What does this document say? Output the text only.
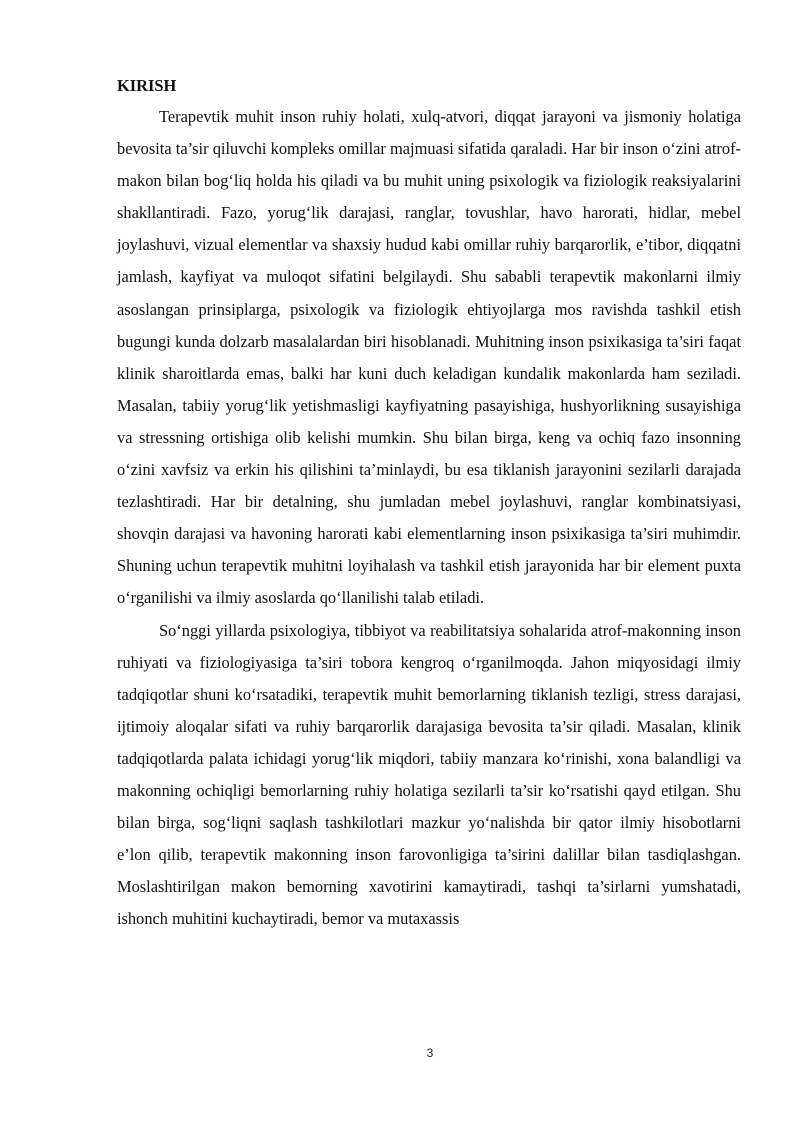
KIRISH

Terapevtik muhit inson ruhiy holati, xulq-atvori, diqqat jarayoni va jismoniy holatiga bevosita ta’sir qiluvchi kompleks omillar majmuasi sifatida qaraladi. Har bir inson o‘zini atrof-makon bilan bog‘liq holda his qiladi va bu muhit uning psixologik va fiziologik reaksiyalarini shakllantiradi. Fazo, yorug‘lik darajasi, ranglar, tovushlar, havo harorati, hidlar, mebel joylashuvi, vizual elementlar va shaxsiy hudud kabi omillar ruhiy barqarorlik, e’tibor, diqqatni jamlash, kayfiyat va muloqot sifatini belgilaydi. Shu sababli terapevtik makonlarni ilmiy asoslangan prinsiplarga, psixologik va fiziologik ehtiyojlarga mos ravishda tashkil etish bugungi kunda dolzarb masalalardan biri hisoblanadi. Muhitning inson psixikasiga ta’siri faqat klinik sharoitlarda emas, balki har kuni duch keladigan kundalik makonlarda ham seziladi. Masalan, tabiiy yorug‘lik yetishmasligi kayfiyatning pasayishiga, hushyorlikning susayishiga va stressning ortishiga olib kelishi mumkin. Shu bilan birga, keng va ochiq fazo insonning o‘zini xavfsiz va erkin his qilishini ta’minlaydi, bu esa tiklanish jarayonini sezilarli darajada tezlashtiradi. Har bir detalning, shu jumladan mebel joylashuvi, ranglar kombinatsiyasi, shovqin darajasi va havoning harorati kabi elementlarning inson psixikasiga ta’siri muhimdir. Shuning uchun terapevtik muhitni loyihalash va tashkil etish jarayonida har bir element puxta o‘rganilishi va ilmiy asoslarda qo‘llanilishi talab etiladi.

So‘nggi yillarda psixologiya, tibbiyot va reabilitatsiya sohalarida atrof-makonning inson ruhiyati va fiziologiyasiga ta’siri tobora kengroq o‘rganilmoqda. Jahon miqyosidagi ilmiy tadqiqotlar shuni ko‘rsatadiki, terapevtik muhit bemorlarning tiklanish tezligi, stress darajasi, ijtimoiy aloqalar sifati va ruhiy barqarorlik darajasiga bevosita ta’sir qiladi. Masalan, klinik tadqiqotlarda palata ichidagi yorug‘lik miqdori, tabiiy manzara ko‘rinishi, xona balandligi va makonning ochiqligi bemorlarning ruhiy holatiga sezilarli ta’sir ko‘rsatishi qayd etilgan. Shu bilan birga, sog‘liqni saqlash tashkilotlari mazkur yo‘nalishda bir qator ilmiy hisobotlarni e’lon qilib, terapevtik makonning inson farovonligiga ta’sirini dalillar bilan tasdiqlashgan. Moslashtirilgan makon bemorning xavotirini kamaytiradi, tashqi ta’sirlarni yumshatadi, ishonch muhitini kuchaytiradi, bemor va mutaxassis

3
